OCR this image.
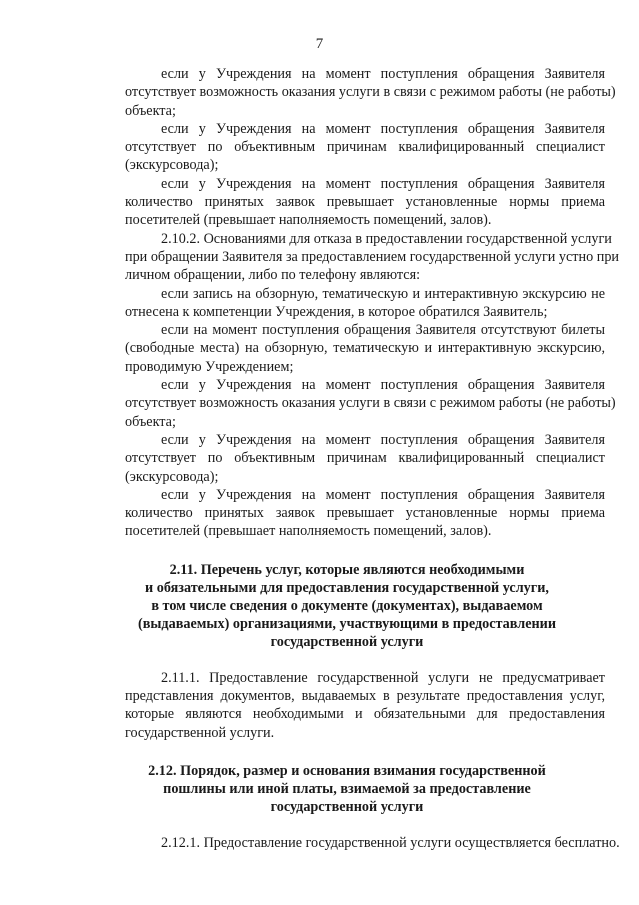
7
если у Учреждения на момент поступления обращения Заявителя
отсутствует возможность оказания услуги в связи с режимом работы (не работы)
объекта;
если у Учреждения на момент поступления обращения Заявителя
отсутствует по объективным причинам квалифицированный специалист
(экскурсовода);
если у Учреждения на момент поступления обращения Заявителя
количество принятых заявок превышает установленные нормы приема
посетителей (превышает наполняемость помещений, залов).
2.10.2. Основаниями для отказа в предоставлении государственной услуги
при обращении Заявителя за предоставлением государственной услуги устно при
личном обращении, либо по телефону являются:
если запись на обзорную, тематическую и интерактивную экскурсию не
отнесена к компетенции Учреждения, в которое обратился Заявитель;
если на момент поступления обращения Заявителя отсутствуют билеты
(свободные места) на обзорную, тематическую и интерактивную экскурсию,
проводимую Учреждением;
если у Учреждения на момент поступления обращения Заявителя
отсутствует возможность оказания услуги в связи с режимом работы (не работы)
объекта;
если у Учреждения на момент поступления обращения Заявителя
отсутствует по объективным причинам квалифицированный специалист
(экскурсовода);
если у Учреждения на момент поступления обращения Заявителя
количество принятых заявок превышает установленные нормы приема
посетителей (превышает наполняемость помещений, залов).
2.11. Перечень услуг, которые являются необходимыми
и обязательными для предоставления государственной услуги,
в том числе сведения о документе (документах), выдаваемом
(выдаваемых) организациями, участвующими в предоставлении
государственной услуги
2.11.1. Предоставление государственной услуги не предусматривает
представления документов, выдаваемых в результате предоставления услуг,
которые являются необходимыми и обязательными для предоставления
государственной услуги.
2.12. Порядок, размер и основания взимания государственной
пошлины или иной платы, взимаемой за предоставление
государственной услуги
2.12.1. Предоставление государственной услуги осуществляется бесплатно.
